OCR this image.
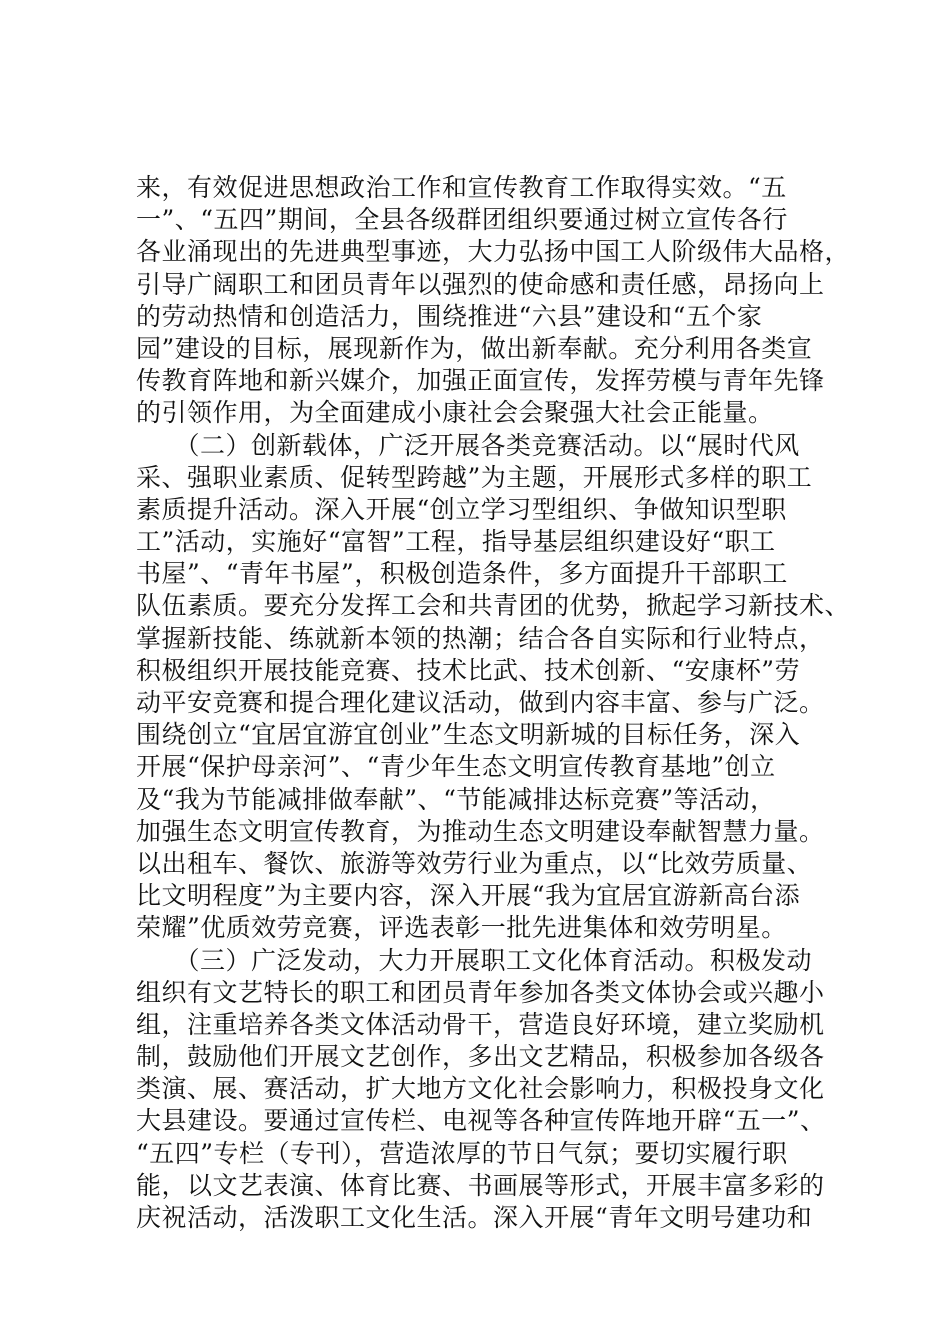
来，有效促进思想政治工作和宣传教育工作取得实效。“五
一”、“五四”期间，全县各级群团组织要通过树立宣传各行
各业涌现出的先进典型事迹，大力弘扬中国工人阶级伟大品格，
引导广阔职工和团员青年以强烈的使命感和责任感，昂扬向上
的劳动热情和创造活力，围绕推进“六县”建设和“五个家
园”建设的目标，展现新作为，做出新奉献。充分利用各类宣
传教育阵地和新兴媒介，加强正面宣传，发挥劳模与青年先锋
的引领作用，为全面建成小康社会会聚强大社会正能量。
　　（二）创新载体，广泛开展各类竞赛活动。以“展时代风
采、强职业素质、促转型跨越”为主题，开展形式多样的职工
素质提升活动。深入开展“创立学习型组织、争做知识型职
工”活动，实施好“富智”工程，指导基层组织建设好“职工
书屋”、“青年书屋”，积极创造条件，多方面提升干部职工
队伍素质。要充分发挥工会和共青团的优势，掀起学习新技术、
掌握新技能、练就新本领的热潮；结合各自实际和行业特点，
积极组织开展技能竞赛、技术比武、技术创新、“安康杯”劳
动平安竞赛和提合理化建议活动，做到内容丰富、参与广泛。
围绕创立“宜居宜游宜创业”生态文明新城的目标任务，深入
开展“保护母亲河”、“青少年生态文明宣传教育基地”创立
及“我为节能减排做奉献”、“节能减排达标竞赛”等活动，
加强生态文明宣传教育，为推动生态文明建设奉献智慧力量。
以出租车、餐饮、旅游等效劳行业为重点，以“比效劳质量、
比文明程度”为主要内容，深入开展“我为宜居宜游新高台添
荣耀”优质效劳竞赛，评选表彰一批先进集体和效劳明星。
　　（三）广泛发动，大力开展职工文化体育活动。积极发动
组织有文艺特长的职工和团员青年参加各类文体协会或兴趣小
组，注重培养各类文体活动骨干，营造良好环境，建立奖励机
制，鼓励他们开展文艺创作，多出文艺精品，积极参加各级各
类演、展、赛活动，扩大地方文化社会影响力，积极投身文化
大县建设。要通过宣传栏、电视等各种宣传阵地开辟“五一”、
“五四”专栏（专刊），营造浓厚的节日气氛；要切实履行职
能，以文艺表演、体育比赛、书画展等形式，开展丰富多彩的
庆祝活动，活泼职工文化生活。深入开展“青年文明号建功和
